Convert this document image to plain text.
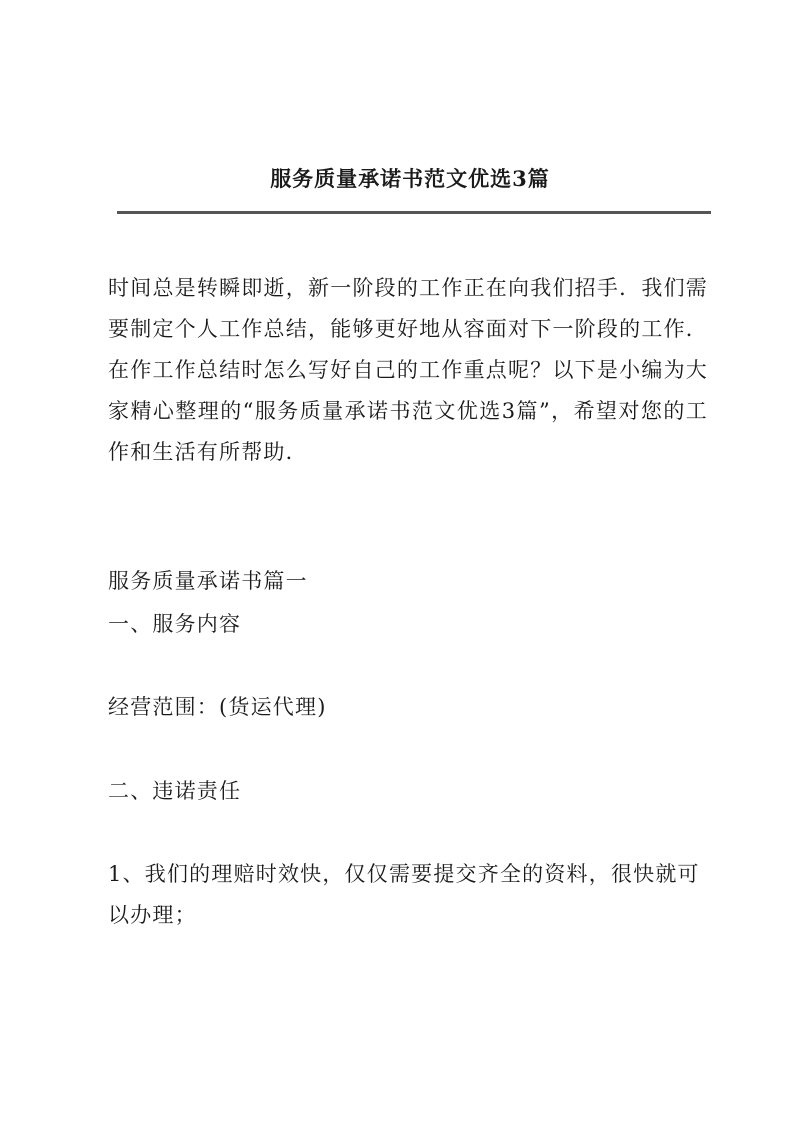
服务质量承诺书范文优选3篇

时间总是转瞬即逝，新一阶段的工作正在向我们招手．我们需要制定个人工作总结，能够更好地从容面对下一阶段的工作．在作工作总结时怎么写好自己的工作重点呢？以下是小编为大家精心整理的“服务质量承诺书范文优选3篇”，希望对您的工作和生活有所帮助．

服务质量承诺书篇一

一、服务内容

经营范围：(货运代理)

二、违诺责任

1、我们的理赔时效快，仅仅需要提交齐全的资料，很快就可以办理；
